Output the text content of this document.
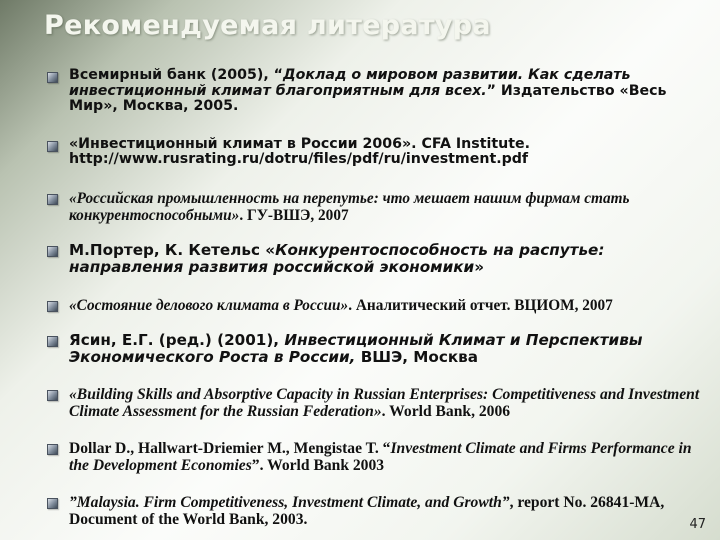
Рекомендуемая литература
Всемирный банк (2005), “Доклад о мировом развитии. Как сделать инвестиционный климат благоприятным для всех.” Издательство «Весь Мир», Москва, 2005.
«Инвестиционный климат в России 2006». CFA Institute. http://www.rusrating.ru/dotru/files/pdf/ru/investment.pdf
«Российская промышленность на перепутье: что мешает нашим фирмам стать конкурентоспособными». ГУ-ВШЭ, 2007
М.Портер, К. Кетельс «Конкурентоспособность на распутье: направления развития российской экономики»
«Состояние делового климата в России». Аналитический отчет. ВЦИОМ, 2007
Ясин, Е.Г. (ред.) (2001), Инвестиционный Климат и Перспективы Экономического Роста в России, ВШЭ, Москва
«Building Skills and Absorptive Capacity in Russian Enterprises: Competitiveness and Investment Climate Assessment for the Russian Federation». World Bank, 2006
Dollar D., Hallwart-Driemier M., Mengistae T. “Investment Climate and Firms Performance in the Development Economies”. World Bank 2003
”Malaysia. Firm Competitiveness, Investment Climate, and Growth”, report No. 26841-MA, Document of the World Bank, 2003.	47
